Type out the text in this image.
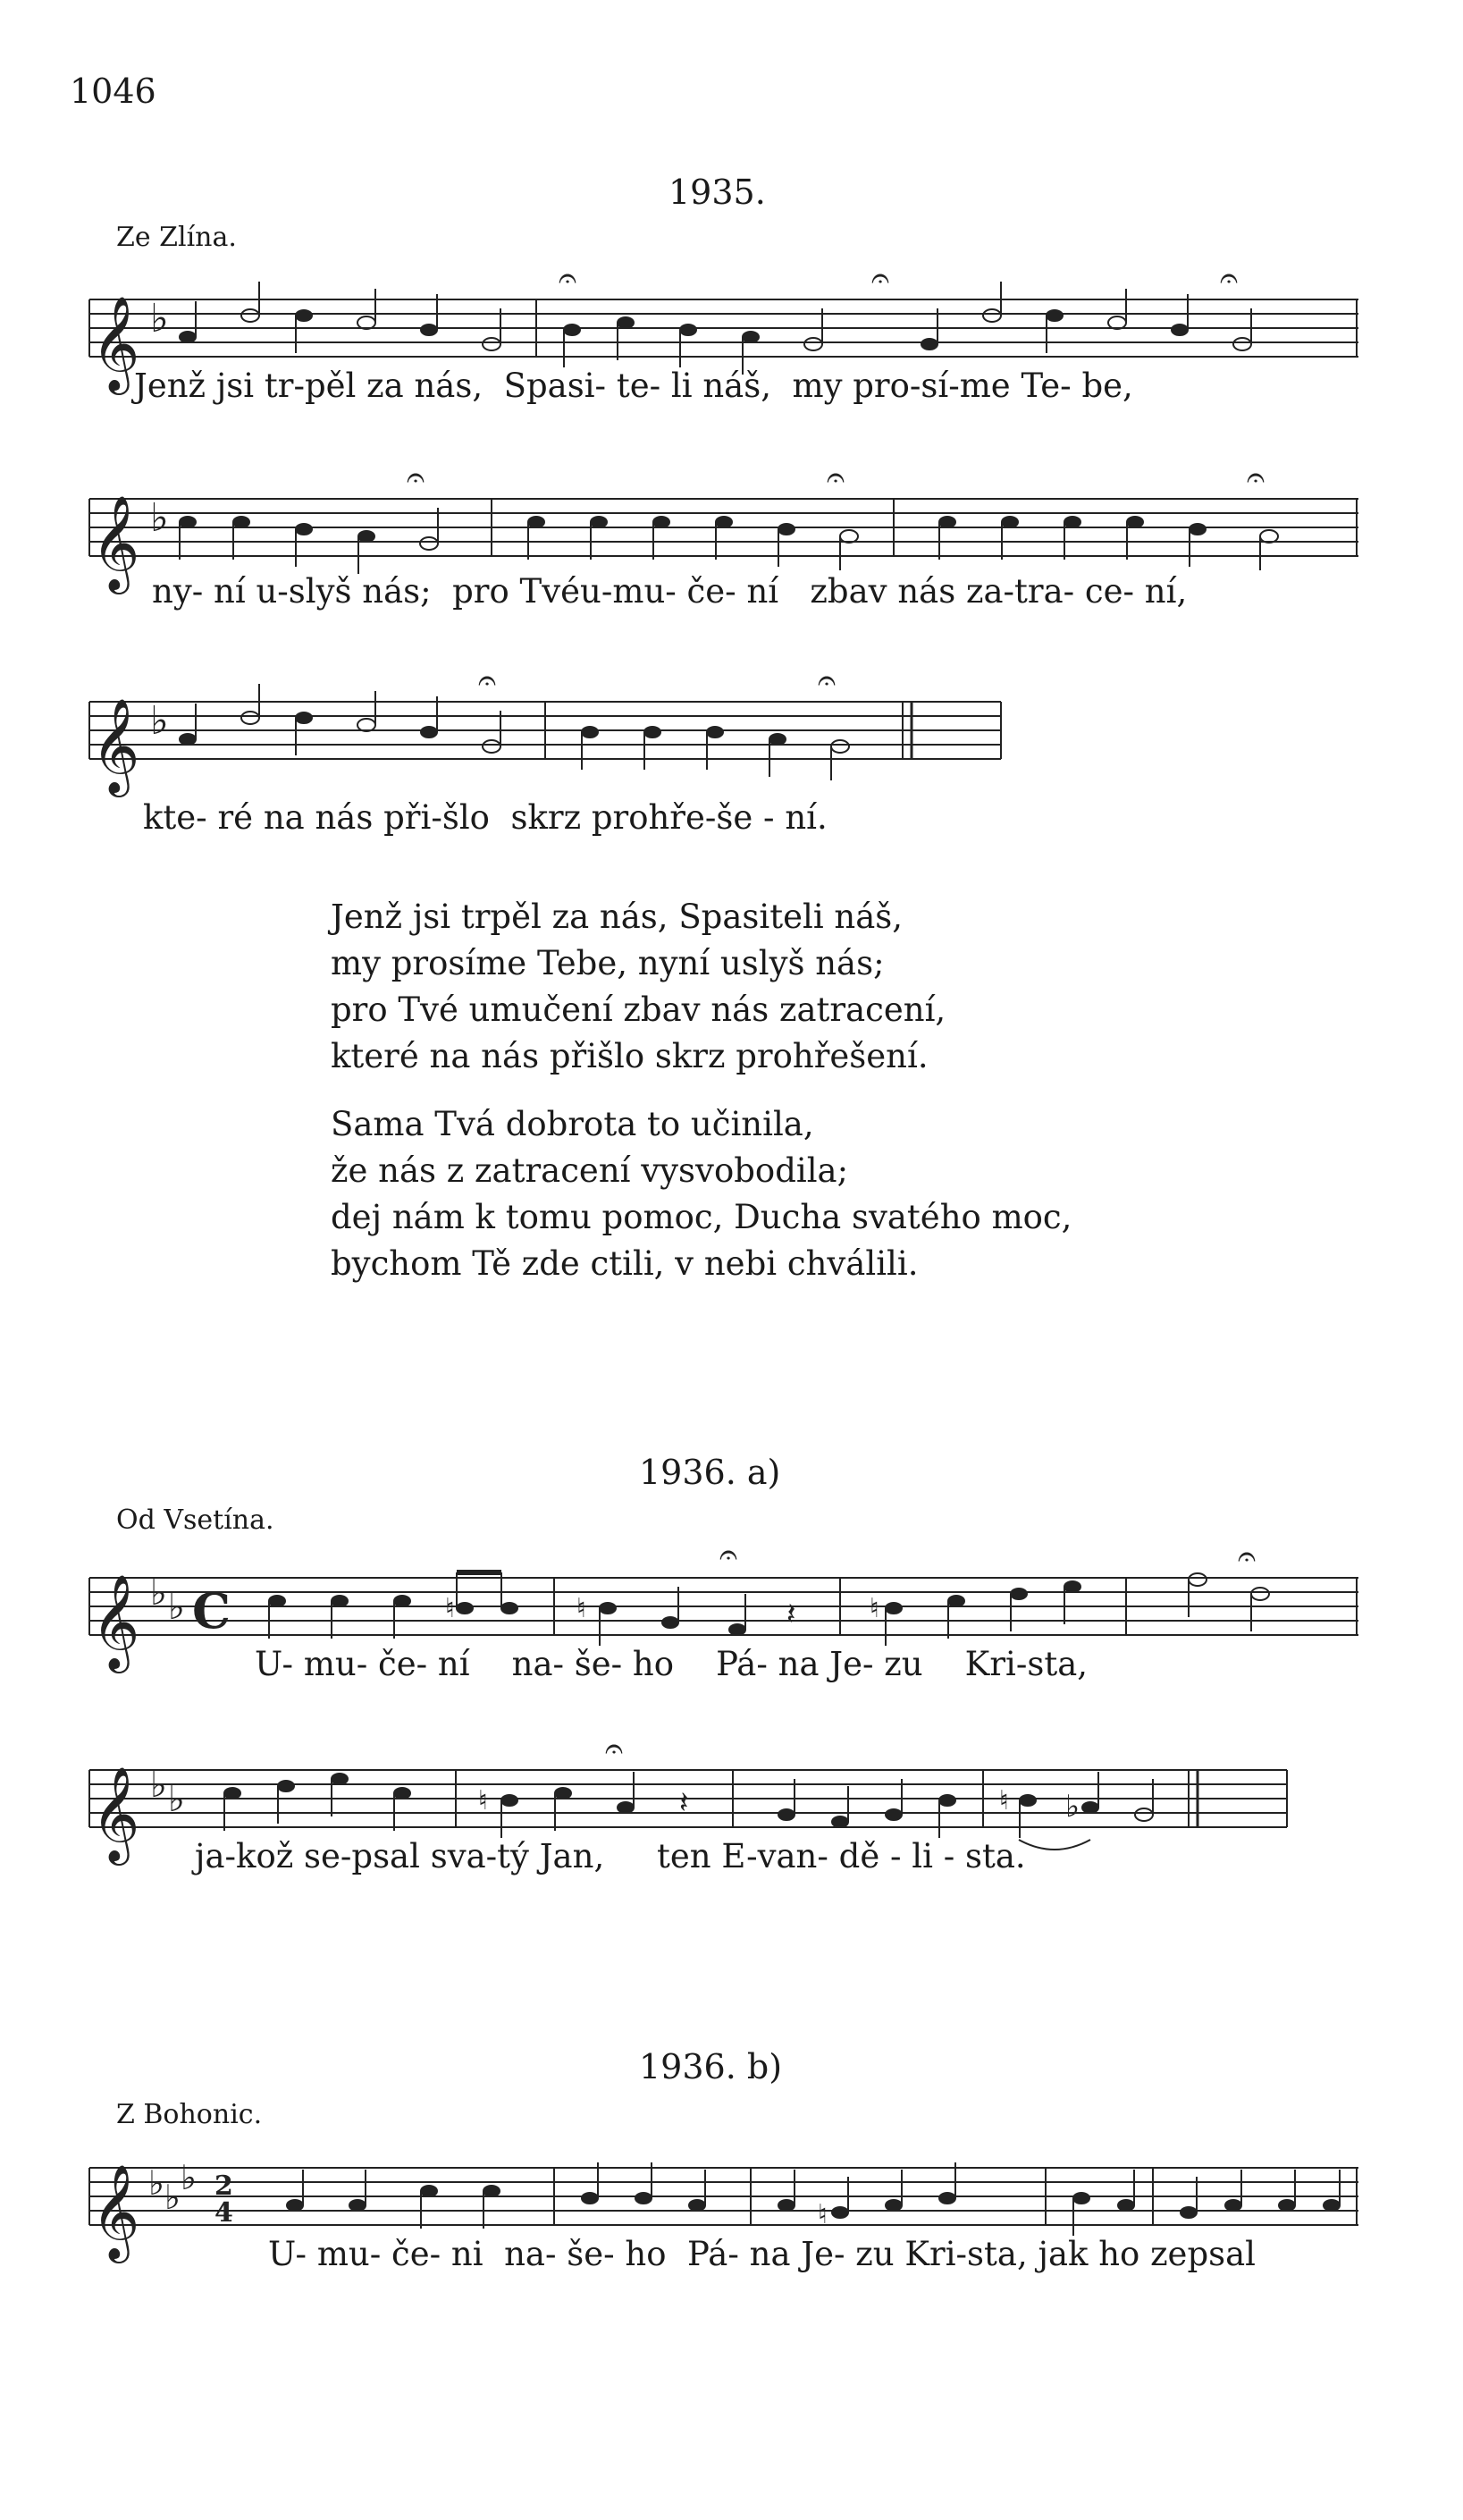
1046
1935.
Ze Zlína.
𝄞 ♭
𝄐	𝄐	𝄐
Jenž jsi tr-pěl za nás, Spasi- te- li náš, my pro-sí-me Te- be,
𝄞 ♭
𝄐	𝄐	𝄐
ny- ní u-slyš nás; pro Tvéu-mu- če- ní zbav nás za-tra- ce- ní,
𝄞 ♭
𝄐	𝄐
kte- ré na nás při-šlo skrz prohře-še - ní.
Jenž jsi trpěl za nás, Spasiteli náš,
my prosíme Tebe, nyní uslyš nás;
pro Tvé umučení zbav nás zatracení,
které na nás přišlo skrz prohřešení.
Sama Tvá dobrota to učinila,
že nás z zatracení vysvobodila;
dej nám k tomu pomoc, Ducha svatého moc,
bychom Tě zde ctili, v nebi chválili.
1936. a)
Od Vsetína.
𝄞 ♭ ♭ C	♮	♮	♮
𝄽
𝄐	𝄐
U- mu- če- ní na- še- ho Pá- na Je- zu Kri-sta,
𝄞 ♭ ♭	♮	♮ ♭
𝄽
𝄐
ja-kož se-psal sva-tý Jan, ten E-van- dě - li - sta.
1936. b)
Z Bohonic.
𝄞 ♭ ♭ ♭ 2
4	♮
U- mu- če- ni na- še- ho Pá- na Je- zu Kri-sta, jak ho zepsal
